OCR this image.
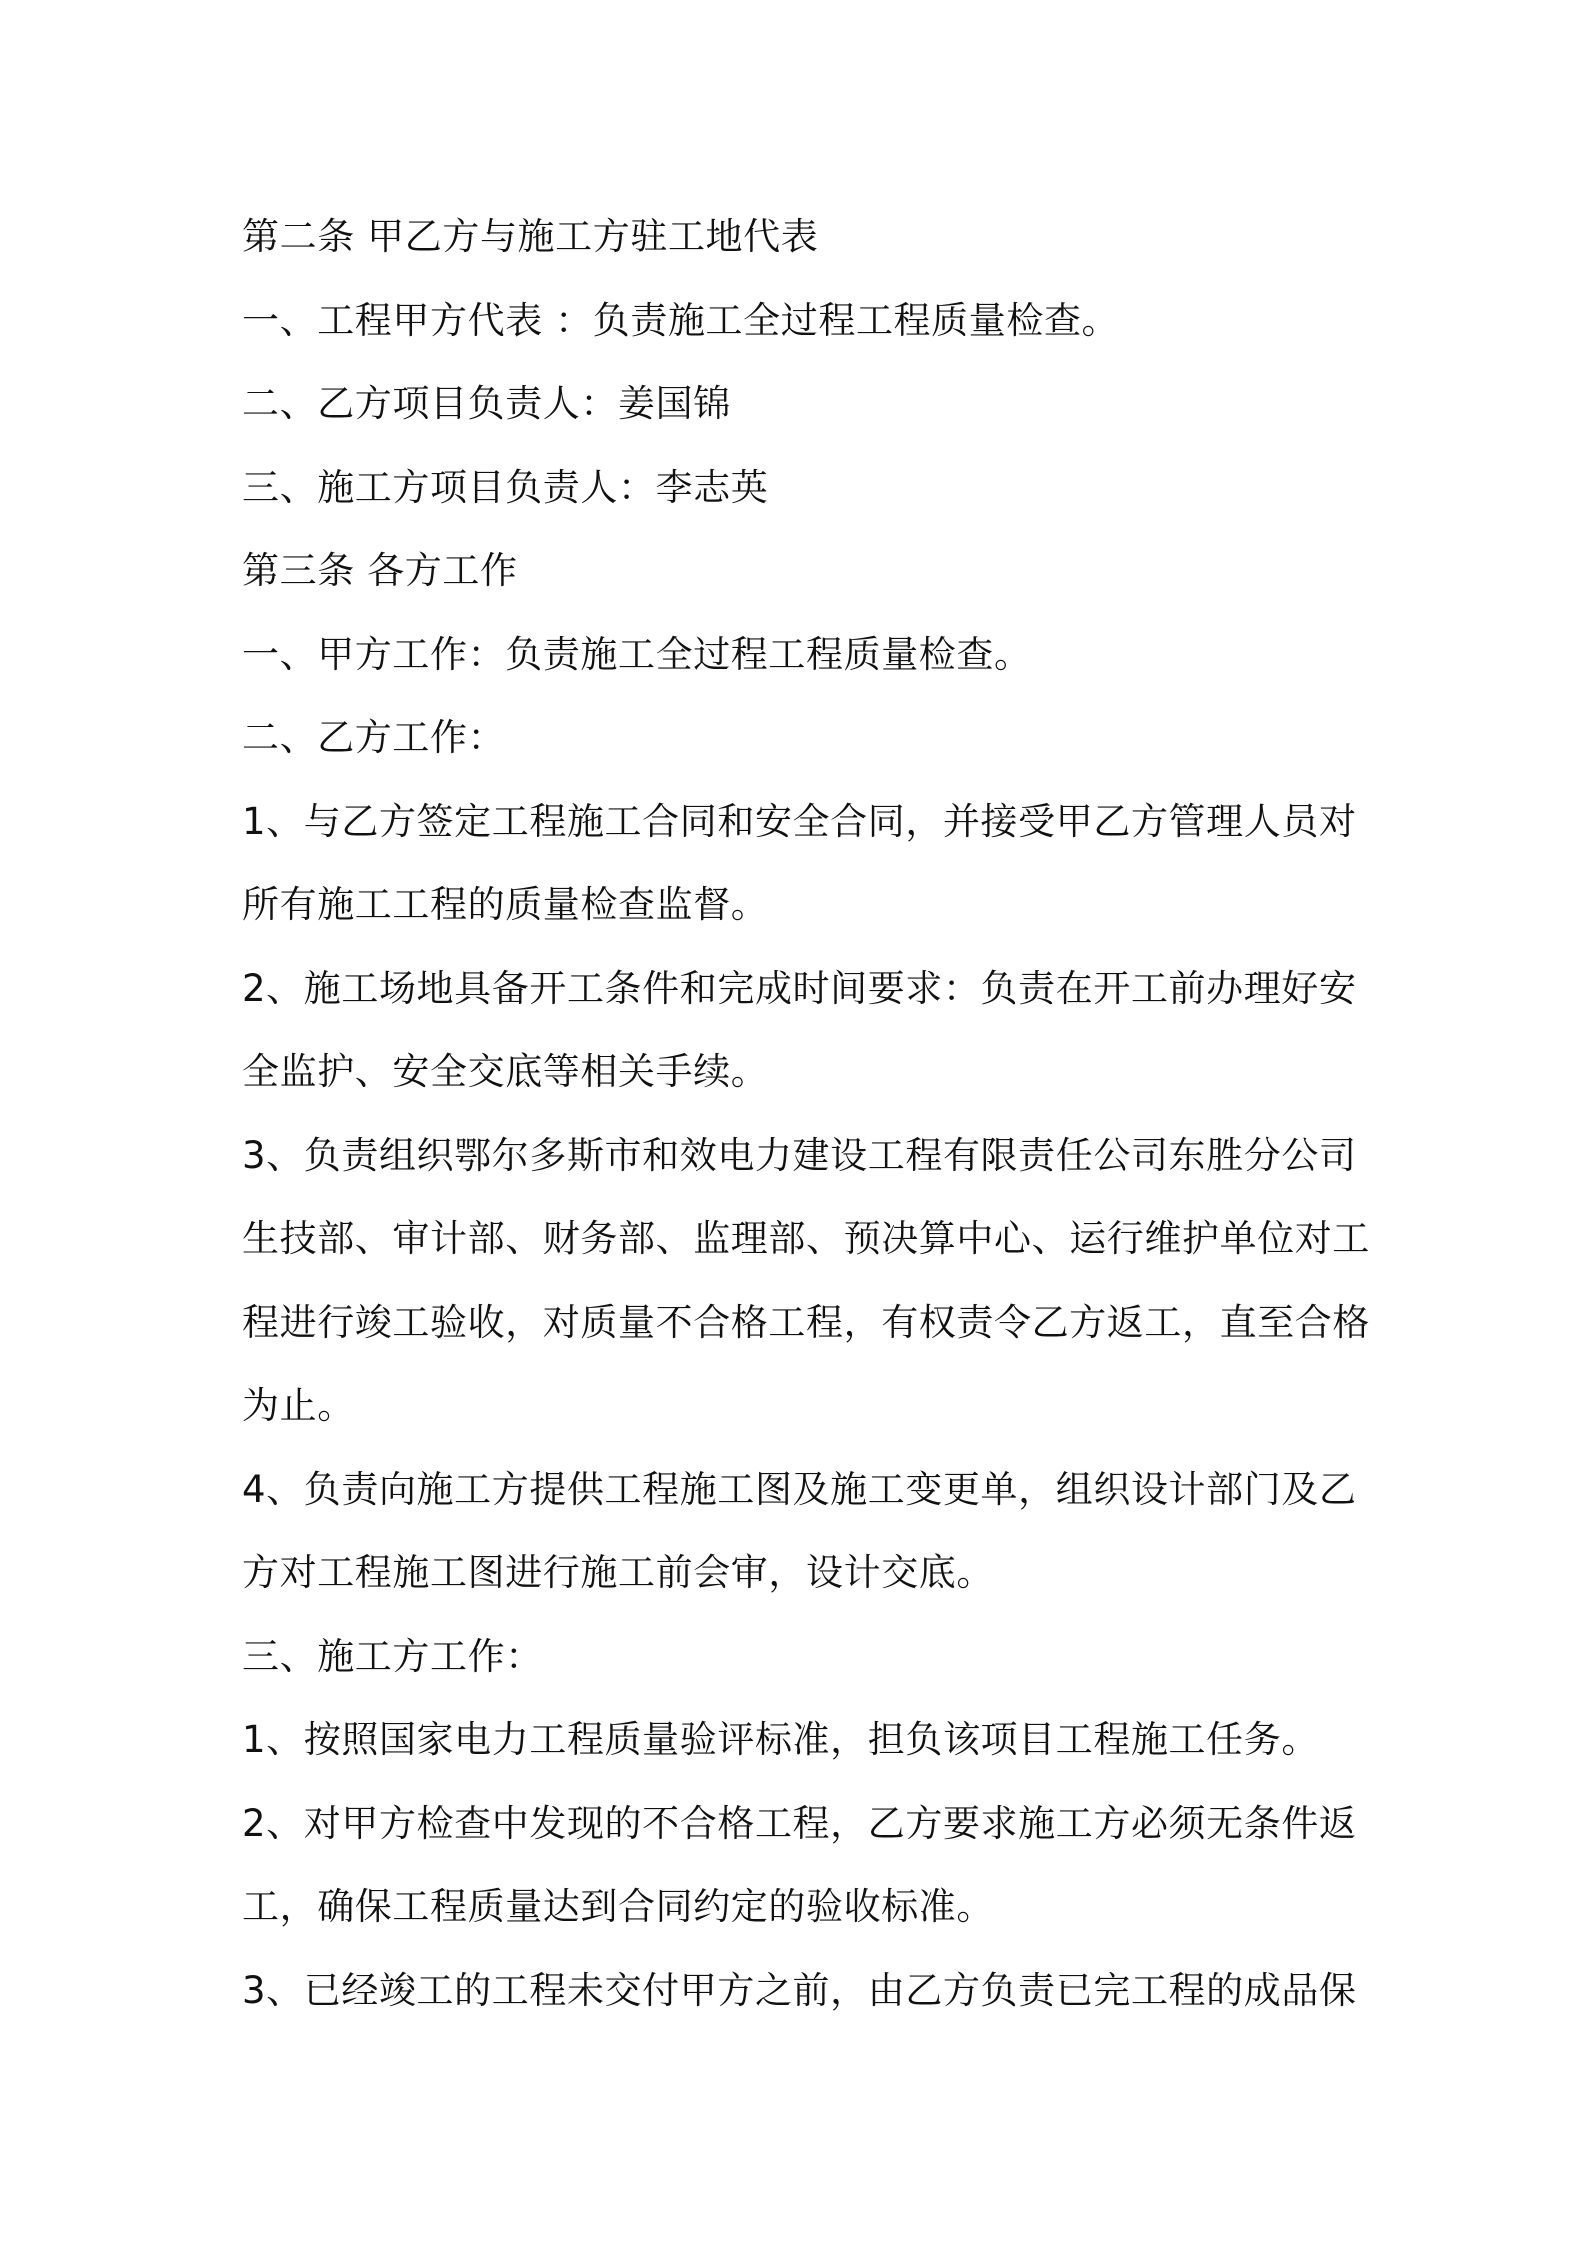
第二条 甲乙方与施工方驻工地代表

一、工程甲方代表 ：负责施工全过程工程质量检查。

二、乙方项目负责人：姜国锦

三、施工方项目负责人：李志英

第三条 各方工作

一、甲方工作：负责施工全过程工程质量检查。

二、乙方工作：

1、与乙方签定工程施工合同和安全合同，并接受甲乙方管理人员对

所有施工工程的质量检查监督。

2、施工场地具备开工条件和完成时间要求：负责在开工前办理好安

全监护、安全交底等相关手续。

3、负责组织鄂尔多斯市和效电力建设工程有限责任公司东胜分公司

生技部、审计部、财务部、监理部、预决算中心、运行维护单位对工

程进行竣工验收，对质量不合格工程，有权责令乙方返工，直至合格

为止。

4、负责向施工方提供工程施工图及施工变更单，组织设计部门及乙

方对工程施工图进行施工前会审，设计交底。

三、施工方工作：

1、按照国家电力工程质量验评标准，担负该项目工程施工任务。

2、对甲方检查中发现的不合格工程，乙方要求施工方必须无条件返

工，确保工程质量达到合同约定的验收标准。

3、已经竣工的工程未交付甲方之前，由乙方负责已完工程的成品保
